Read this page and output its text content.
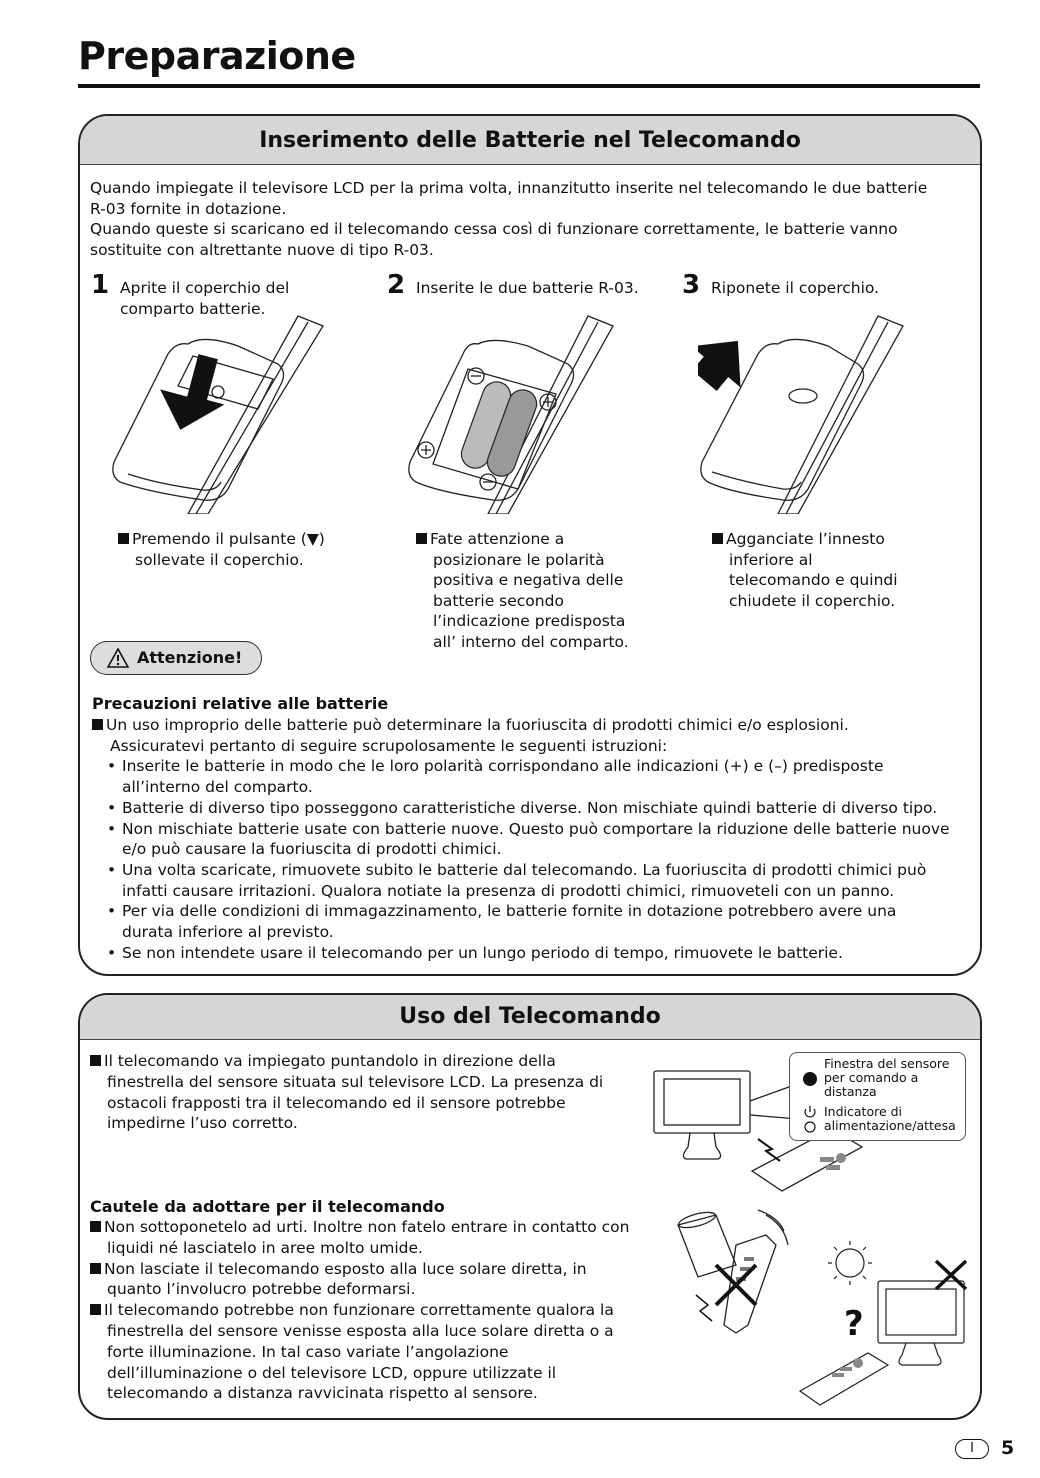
Preparazione
Inserimento delle Batterie nel Telecomando
Quando impiegate il televisore LCD per la prima volta, innanzitutto inserite nel telecomando le due batterie
R-03 fornite in dotazione.
Quando queste si scaricano ed il telecomando cessa così di funzionare correttamente, le batterie vanno
sostituite con altrettante nuove di tipo R-03.
1 Aprite il coperchio del
comparto batterie.
2 Inserite le due batterie R-03. 3 Riponete il coperchio.
Premendo il pulsante (▼)
sollevate il coperchio.
Fate attenzione a
posizionare le polarità
positiva e negativa delle
batterie secondo
l’indicazione predisposta
all’ interno del comparto.
Agganciate l’innesto
inferiore al
telecomando e quindi
chiudete il coperchio.
Attenzione!
Precauzioni relative alle batterie
Un uso improprio delle batterie può determinare la fuoriuscita di prodotti chimici e/o esplosioni.
Assicuratevi pertanto di seguire scrupolosamente le seguenti istruzioni:
• Inserite le batterie in modo che le loro polarità corrispondano alle indicazioni (+) e (–) predisposte
all’interno del comparto.
• Batterie di diverso tipo posseggono caratteristiche diverse. Non mischiate quindi batterie di diverso tipo.
• Non mischiate batterie usate con batterie nuove. Questo può comportare la riduzione delle batterie nuove
e/o può causare la fuoriuscita di prodotti chimici.
• Una volta scaricate, rimuovete subito le batterie dal telecomando. La fuoriuscita di prodotti chimici può
infatti causare irritazioni. Qualora notiate la presenza di prodotti chimici, rimuoveteli con un panno.
• Per via delle condizioni di immagazzinamento, le batterie fornite in dotazione potrebbero avere una
durata inferiore al previsto.
• Se non intendete usare il telecomando per un lungo periodo di tempo, rimuovete le batterie.
Uso del Telecomando
Il telecomando va impiegato puntandolo in direzione della
finestrella del sensore situata sul televisore LCD. La presenza di
ostacoli frapposti tra il telecomando ed il sensore potrebbe
impedirne l’uso corretto.
Finestra del sensore
per comando a
distanza
Indicatore di
alimentazione/attesa
Cautele da adottare per il telecomando
Non sottoponetelo ad urti. Inoltre non fatelo entrare in contatto con
liquidi né lasciatelo in aree molto umide.
Non lasciate il telecomando esposto alla luce solare diretta, in
quanto l’involucro potrebbe deformarsi.
Il telecomando potrebbe non funzionare correttamente qualora la
finestrella del sensore venisse esposta alla luce solare diretta o a
forte illuminazione. In tal caso variate l’angolazione
dell’illuminazione o del televisore LCD, oppure utilizzate il
telecomando a distanza ravvicinata rispetto al sensore.
?
I	5
